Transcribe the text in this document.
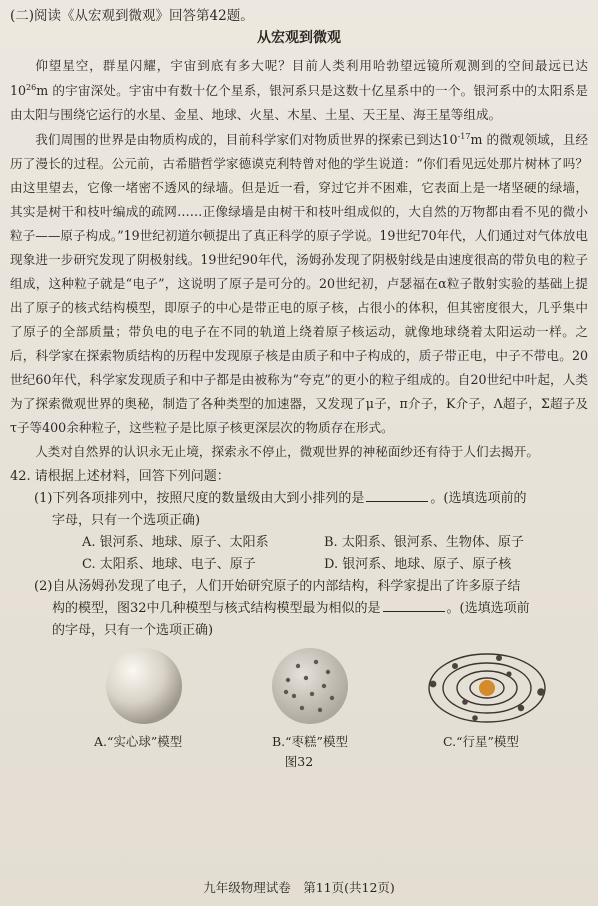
(二)阅读《从宏观到微观》回答第42题。

从宏观到微观

仰望星空，群星闪耀，宇宙到底有多大呢？目前人类利用哈勃望远镜所观测到的空间最远已达$10^{26}m$ 的宇宙深处。宇宙中有数十亿个星系，银河系只是这数十亿星系中的一个。银河系中的太阳系是由太阳与围绕它运行的水星、金星、地球、火星、木星、土星、天王星、海王星等组成。

我们周围的世界是由物质构成的，目前科学家们对物质世界的探索已到达$10^{-17}m$ 的微观领域，且经历了漫长的过程。公元前，古希腊哲学家德谟克利特曾对他的学生说道：“你们看见远处那片树林了吗？由这里望去，它像一堵密不透风的绿墙。但是近一看，穿过它并不困难，它表面上是一堵坚硬的绿墙，其实是树干和枝叶编成的疏网……正像绿墙是由树干和枝叶组成似的，大自然的万物都由看不见的微小粒子——原子构成。”19世纪初道尔顿提出了真正科学的原子学说。19世纪70年代，人们通过对气体放电现象进一步研究发现了阴极射线。19世纪90年代，汤姆孙发现了阴极射线是由速度很高的带负电的粒子组成，这种粒子就是“电子”，这说明了原子是可分的。20世纪初，卢瑟福在α粒子散射实验的基础上提出了原子的核式结构模型，即原子的中心是带正电的原子核，占很小的体积，但其密度很大，几乎集中了原子的全部质量；带负电的电子在不同的轨道上绕着原子核运动，就像地球绕着太阳运动一样。之后，科学家在探索物质结构的历程中发现原子核是由质子和中子构成的，质子带正电，中子不带电。20世纪60年代，科学家发现质子和中子都是由被称为“夸克”的更小的粒子组成的。自20世纪中叶起，人类为了探索微观世界的奥秘，制造了各种类型的加速器，又发现了μ子，π介子，K介子，Λ超子，Σ超子及τ子等400余种粒子，这些粒子是比原子核更深层次的物质存在形式。

人类对自然界的认识永无止境，探索永不停止，微观世界的神秘面纱还有待于人们去揭开。

42. 请根据上述材料，回答下列问题：

(1)下列各项排列中，按照尺度的数量级由大到小排列的是	。(选填选项前的
字母，只有一个选项正确)
A. 银河系、地球、原子、太阳系	B. 太阳系、银河系、生物体、原子
C. 太阳系、地球、电子、原子	D. 银河系、地球、原子、原子核
(2)自从汤姆孙发现了电子，人们开始研究原子的内部结构，科学家提出了许多原子结
构的模型，图32中几种模型与核式结构模型最为相似的是	。(选填选项前
的字母，只有一个选项正确)
A.“实心球”模型	B.“枣糕”模型	C.“行星”模型
图32
九年级物理试卷　第11页(共12页)
